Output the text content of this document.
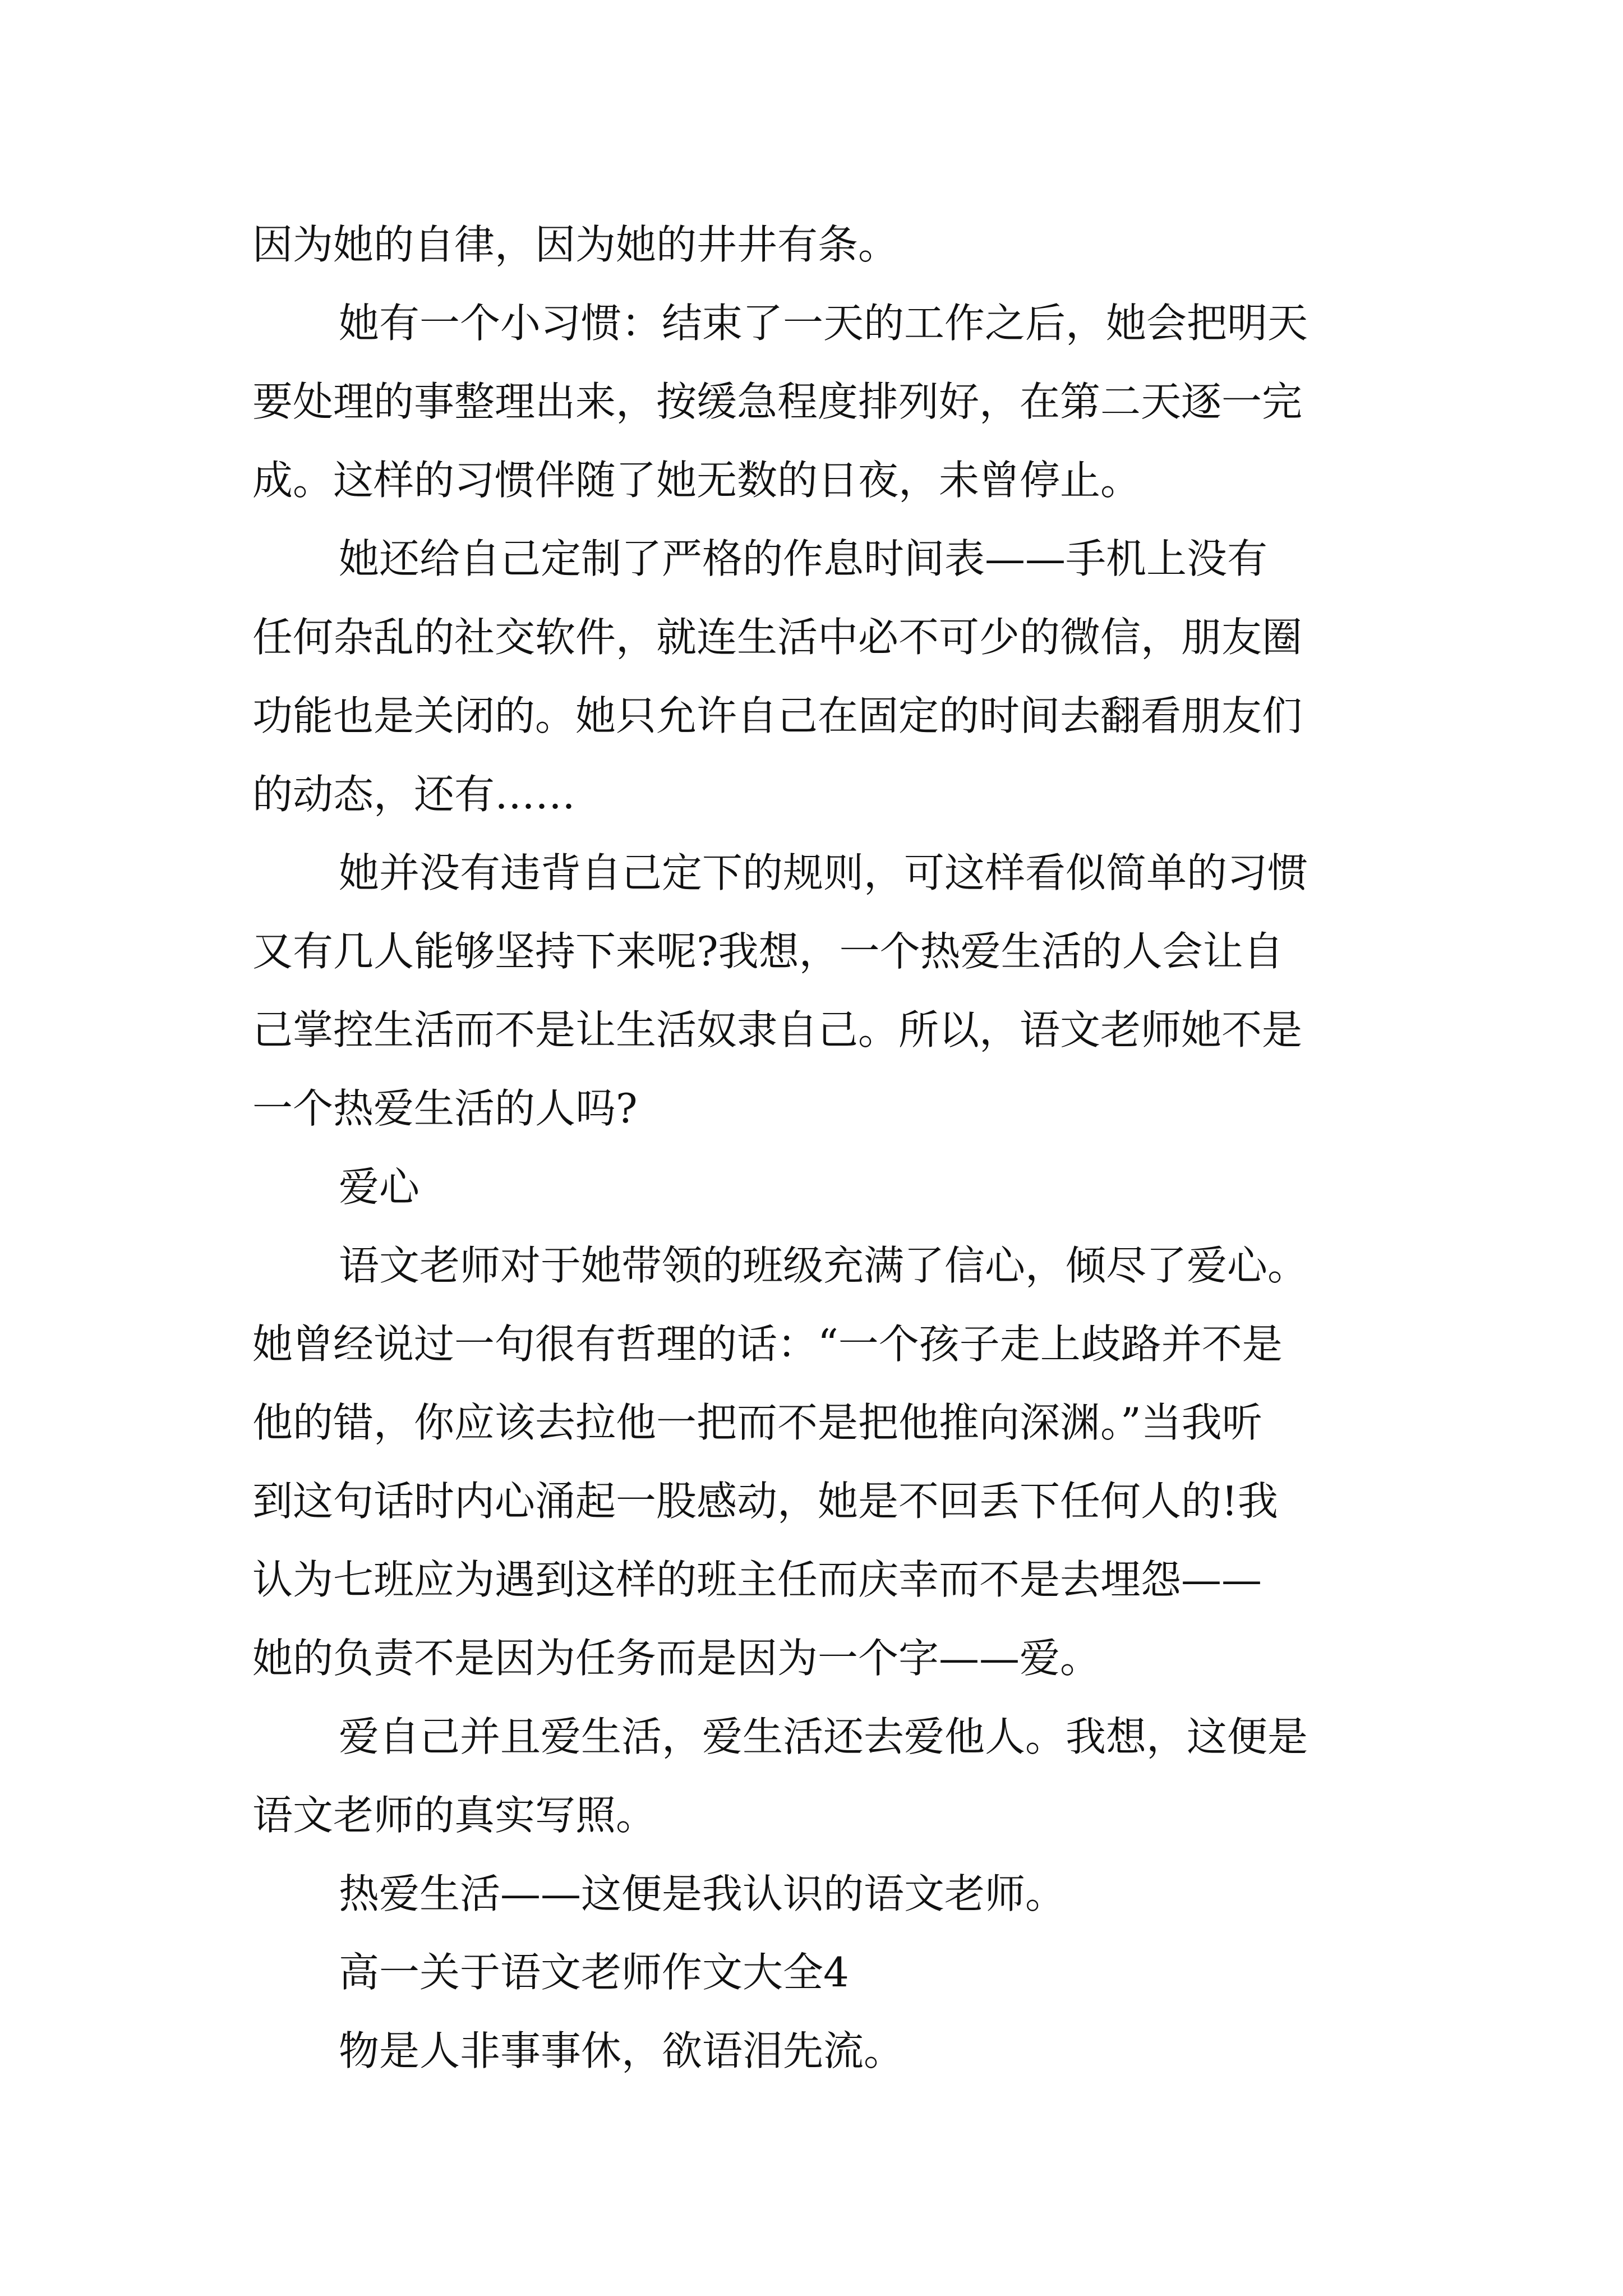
因为她的自律，因为她的井井有条。
她有一个小习惯：结束了一天的工作之后，她会把明天
要处理的事整理出来，按缓急程度排列好，在第二天逐一完
成。这样的习惯伴随了她无数的日夜，未曾停止。
她还给自己定制了严格的作息时间表——手机上没有
任何杂乱的社交软件，就连生活中必不可少的微信，朋友圈
功能也是关闭的。她只允许自己在固定的时间去翻看朋友们
的动态，还有……
她并没有违背自己定下的规则，可这样看似简单的习惯
又有几人能够坚持下来呢?我想，一个热爱生活的人会让自
己掌控生活而不是让生活奴隶自己。所以，语文老师她不是
一个热爱生活的人吗?
爱心
语文老师对于她带领的班级充满了信心，倾尽了爱心。
她曾经说过一句很有哲理的话：“一个孩子走上歧路并不是
他的错，你应该去拉他一把而不是把他推向深渊。”当我听
到这句话时内心涌起一股感动，她是不回丢下任何人的!我
认为七班应为遇到这样的班主任而庆幸而不是去埋怨——
她的负责不是因为任务而是因为一个字——爱。
爱自己并且爱生活，爱生活还去爱他人。我想，这便是
语文老师的真实写照。
热爱生活——这便是我认识的语文老师。
高一关于语文老师作文大全4
物是人非事事休，欲语泪先流。
